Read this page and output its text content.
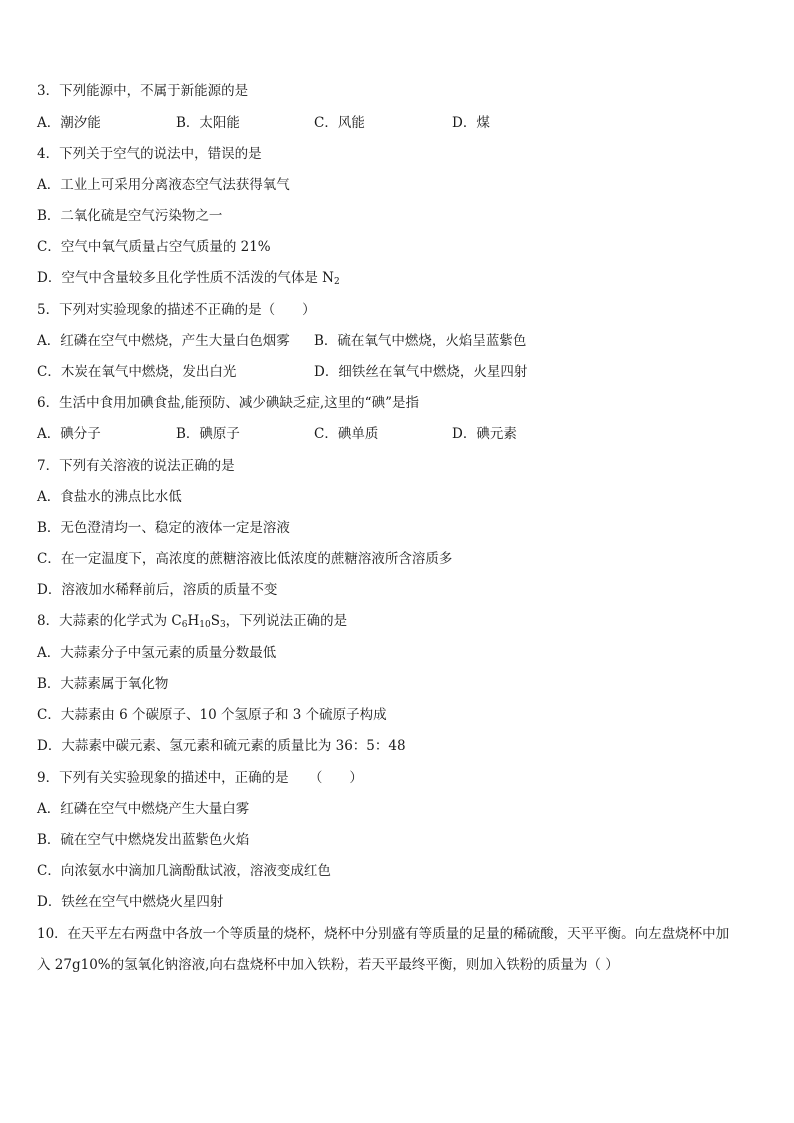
3．下列能源中，不属于新能源的是
A．潮汐能	B．太阳能	C．风能	D．煤
4．下列关于空气的说法中，错误的是
A．工业上可采用分离液态空气法获得氧气
B．二氧化硫是空气污染物之一
C．空气中氧气质量占空气质量的 21%
D．空气中含量较多且化学性质不活泼的气体是 $N_2$
5．下列对实验现象的描述不正确的是（　　）
A．红磷在空气中燃烧，产生大量白色烟雾 B．硫在氧气中燃烧，火焰呈蓝紫色
C．木炭在氧气中燃烧，发出白光	D．细铁丝在氧气中燃烧，火星四射
6．生活中食用加碘食盐,能预防、减少碘缺乏症,这里的“碘”是指
A．碘分子	B．碘原子	C．碘单质	D．碘元素
7．下列有关溶液的说法正确的是
A．食盐水的沸点比水低
B．无色澄清均一、稳定的液体一定是溶液
C．在一定温度下，高浓度的蔗糖溶液比低浓度的蔗糖溶液所含溶质多
D．溶液加水稀释前后，溶质的质量不变
8．大蒜素的化学式为 $C_6H_{10}S_3$，下列说法正确的是
A．大蒜素分子中氢元素的质量分数最低
B．大蒜素属于氧化物
C．大蒜素由 6 个碳原子、10 个氢原子和 3 个硫原子构成
D．大蒜素中碳元素、氢元素和硫元素的质量比为 36：5：48
9．下列有关实验现象的描述中，正确的是　　（　　）
A．红磷在空气中燃烧产生大量白雾
B．硫在空气中燃烧发出蓝紫色火焰
C．向浓氨水中滴加几滴酚酞试液，溶液变成红色
D．铁丝在空气中燃烧火星四射
10．在天平左右两盘中各放一个等质量的烧杯，烧杯中分别盛有等质量的足量的稀硫酸，天平平衡。向左盘烧杯中加
入 27g10%的氢氧化钠溶液,向右盘烧杯中加入铁粉，若天平最终平衡，则加入铁粉的质量为（ ）
